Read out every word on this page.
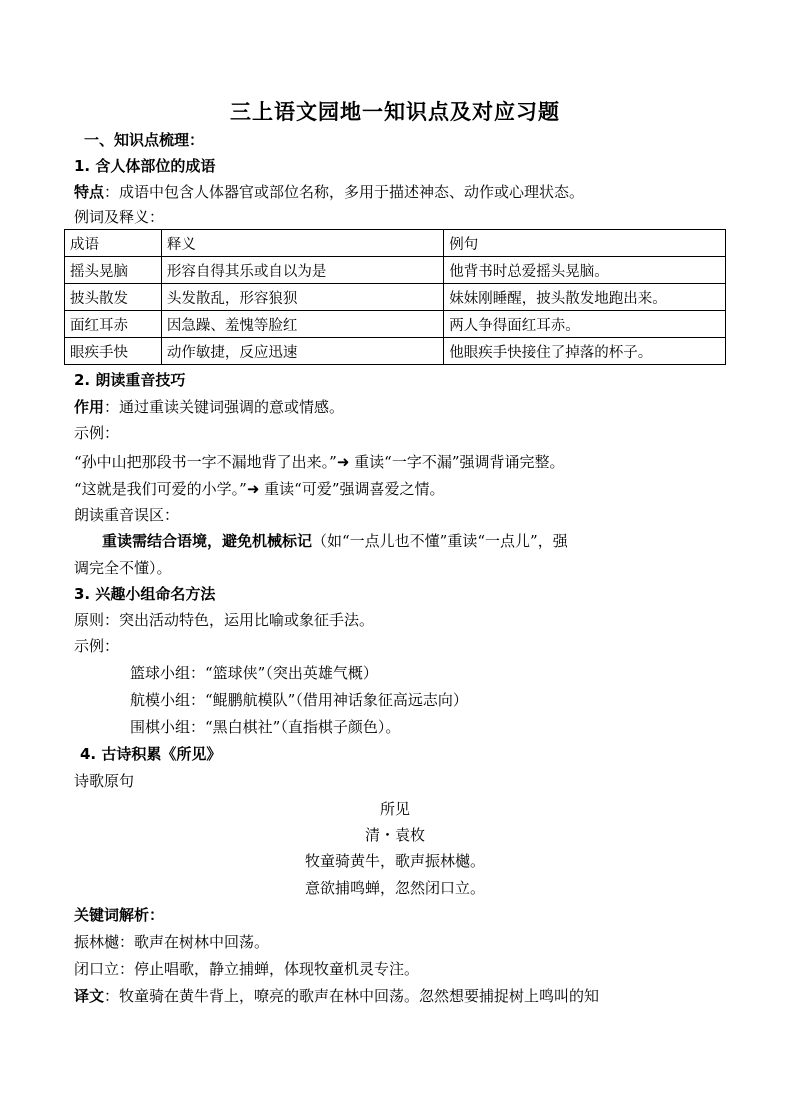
三上语文园地一知识点及对应习题
一、知识点梳理：
1. 含人体部位的成语
特点：成语中包含人体器官或部位名称，多用于描述神态、动作或心理状态。
例词及释义：
成语	释义	例句
摇头晃脑	形容自得其乐或自以为是	他背书时总爱摇头晃脑。
披头散发	头发散乱，形容狼狈	妹妹刚睡醒，披头散发地跑出来。
面红耳赤	因急躁、羞愧等脸红	两人争得面红耳赤。
眼疾手快	动作敏捷，反应迅速	他眼疾手快接住了掉落的杯子。
2. 朗读重音技巧
作用：通过重读关键词强调的意或情感。
示例：
“孙中山把那段书一字不漏地背了出来。”➜ 重读“一字不漏”强调背诵完整。
“这就是我们可爱的小学。”➜ 重读“可爱”强调喜爱之情。
朗读重音误区：
重读需结合语境，避免机械标记（如“一点儿也不懂”重读“一点儿”，强
调完全不懂）。
3. 兴趣小组命名方法
原则：突出活动特色，运用比喻或象征手法。
示例：
篮球小组：“篮球侠”（突出英雄气概）
航模小组：“鲲鹏航模队”（借用神话象征高远志向）
围棋小组：“黑白棋社”（直指棋子颜色）。
4. 古诗积累《所见》
诗歌原句
所见
清・袁枚
牧童骑黄牛，歌声振林樾。
意欲捕鸣蝉，忽然闭口立。
关键词解析：
振林樾：歌声在树林中回荡。
闭口立：停止唱歌，静立捕蝉，体现牧童机灵专注。
译文：牧童骑在黄牛背上，嘹亮的歌声在林中回荡。忽然想要捕捉树上鸣叫的知
